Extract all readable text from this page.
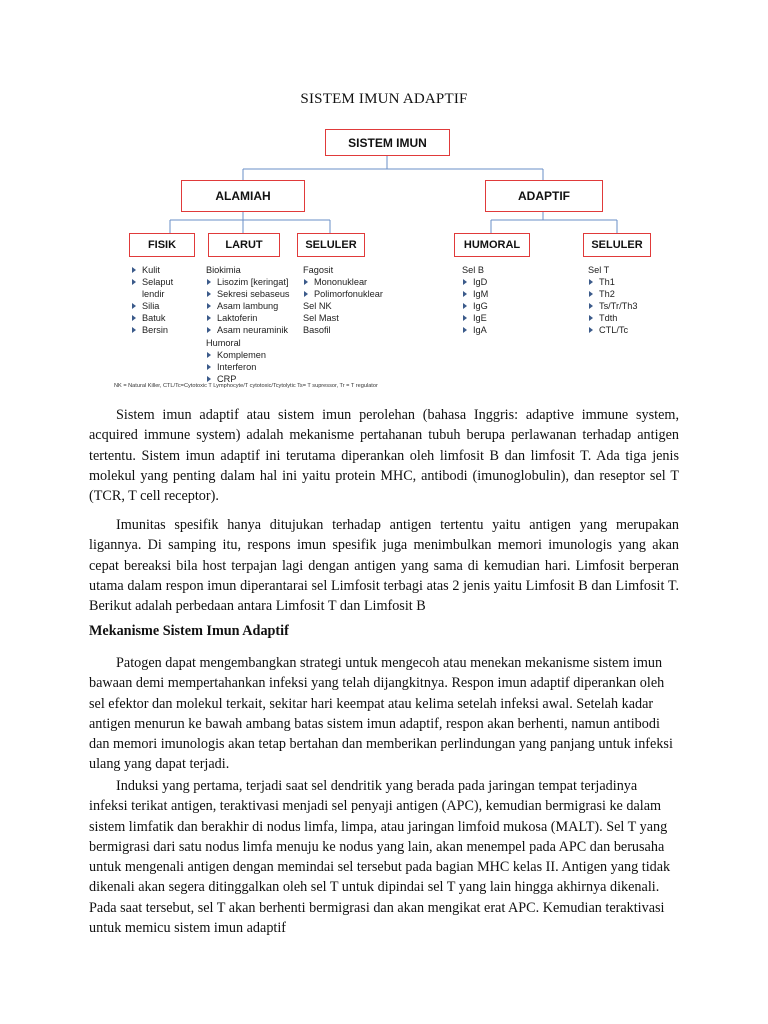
SISTEM IMUN ADAPTIF
SISTEM IMUN
ALAMIAH	ADAPTIF
FISIK	LARUT	SELULER	HUMORAL	SELULER
Kulit
Selaput
lendir
Silia
Batuk
Bersin
Biokimia
Lisozim [keringat]
Sekresi sebaseus
Asam lambung
Laktoferin
Asam neuraminik
Humoral
Komplemen
Interferon
CRP
Fagosit
Mononuklear
Polimorfonuklear
Sel NK
Sel Mast
Basofil
Sel B
IgD
IgM
IgG
IgE
IgA
Sel T
Th1
Th2
Ts/Tr/Th3
Tdth
CTL/Tc
NK = Natural Killer, CTL/Tc=Cytotoxic T Lymphocyte/T cytotoxic/Tcytolytic Ts= T supressor, Tr = T regulator

Sistem imun adaptif atau sistem imun perolehan (bahasa Inggris: adaptive immune system, acquired immune system) adalah mekanisme pertahanan tubuh berupa perlawanan terhadap antigen tertentu. Sistem imun adaptif ini terutama diperankan oleh limfosit B dan limfosit T. Ada tiga jenis molekul yang penting dalam hal ini yaitu protein MHC, antibodi (imunoglobulin), dan reseptor sel T (TCR, T cell receptor).

Imunitas spesifik hanya ditujukan terhadap antigen tertentu yaitu antigen yang merupakan ligannya. Di samping itu, respons imun spesifik juga menimbulkan memori imunologis yang akan cepat bereaksi bila host terpajan lagi dengan antigen yang sama di kemudian hari. Limfosit berperan utama dalam respon imun diperantarai sel Limfosit terbagi atas 2 jenis yaitu Limfosit B dan Limfosit T. Berikut adalah perbedaan antara Limfosit T dan Limfosit B

Mekanisme Sistem Imun Adaptif

Patogen dapat mengembangkan strategi untuk mengecoh atau menekan mekanisme sistem imun bawaan demi mempertahankan infeksi yang telah dijangkitnya. Respon imun adaptif diperankan oleh sel efektor dan molekul terkait, sekitar hari keempat atau kelima setelah infeksi awal. Setelah kadar antigen menurun ke bawah ambang batas sistem imun adaptif, respon akan berhenti, namun antibodi dan memori imunologis akan tetap bertahan dan memberikan perlindungan yang panjang untuk infeksi ulang yang dapat terjadi.

Induksi yang pertama, terjadi saat sel dendritik yang berada pada jaringan tempat terjadinya infeksi terikat antigen, teraktivasi menjadi sel penyaji antigen (APC), kemudian bermigrasi ke dalam sistem limfatik dan berakhir di nodus limfa, limpa, atau jaringan limfoid mukosa (MALT). Sel T yang bermigrasi dari satu nodus limfa menuju ke nodus yang lain, akan menempel pada APC dan berusaha untuk mengenali antigen dengan memindai sel tersebut pada bagian MHC kelas II. Antigen yang tidak dikenali akan segera ditinggalkan oleh sel T untuk dipindai sel T yang lain hingga akhirnya dikenali. Pada saat tersebut, sel T akan berhenti bermigrasi dan akan mengikat erat APC. Kemudian teraktivasi untuk memicu sistem imun adaptif
